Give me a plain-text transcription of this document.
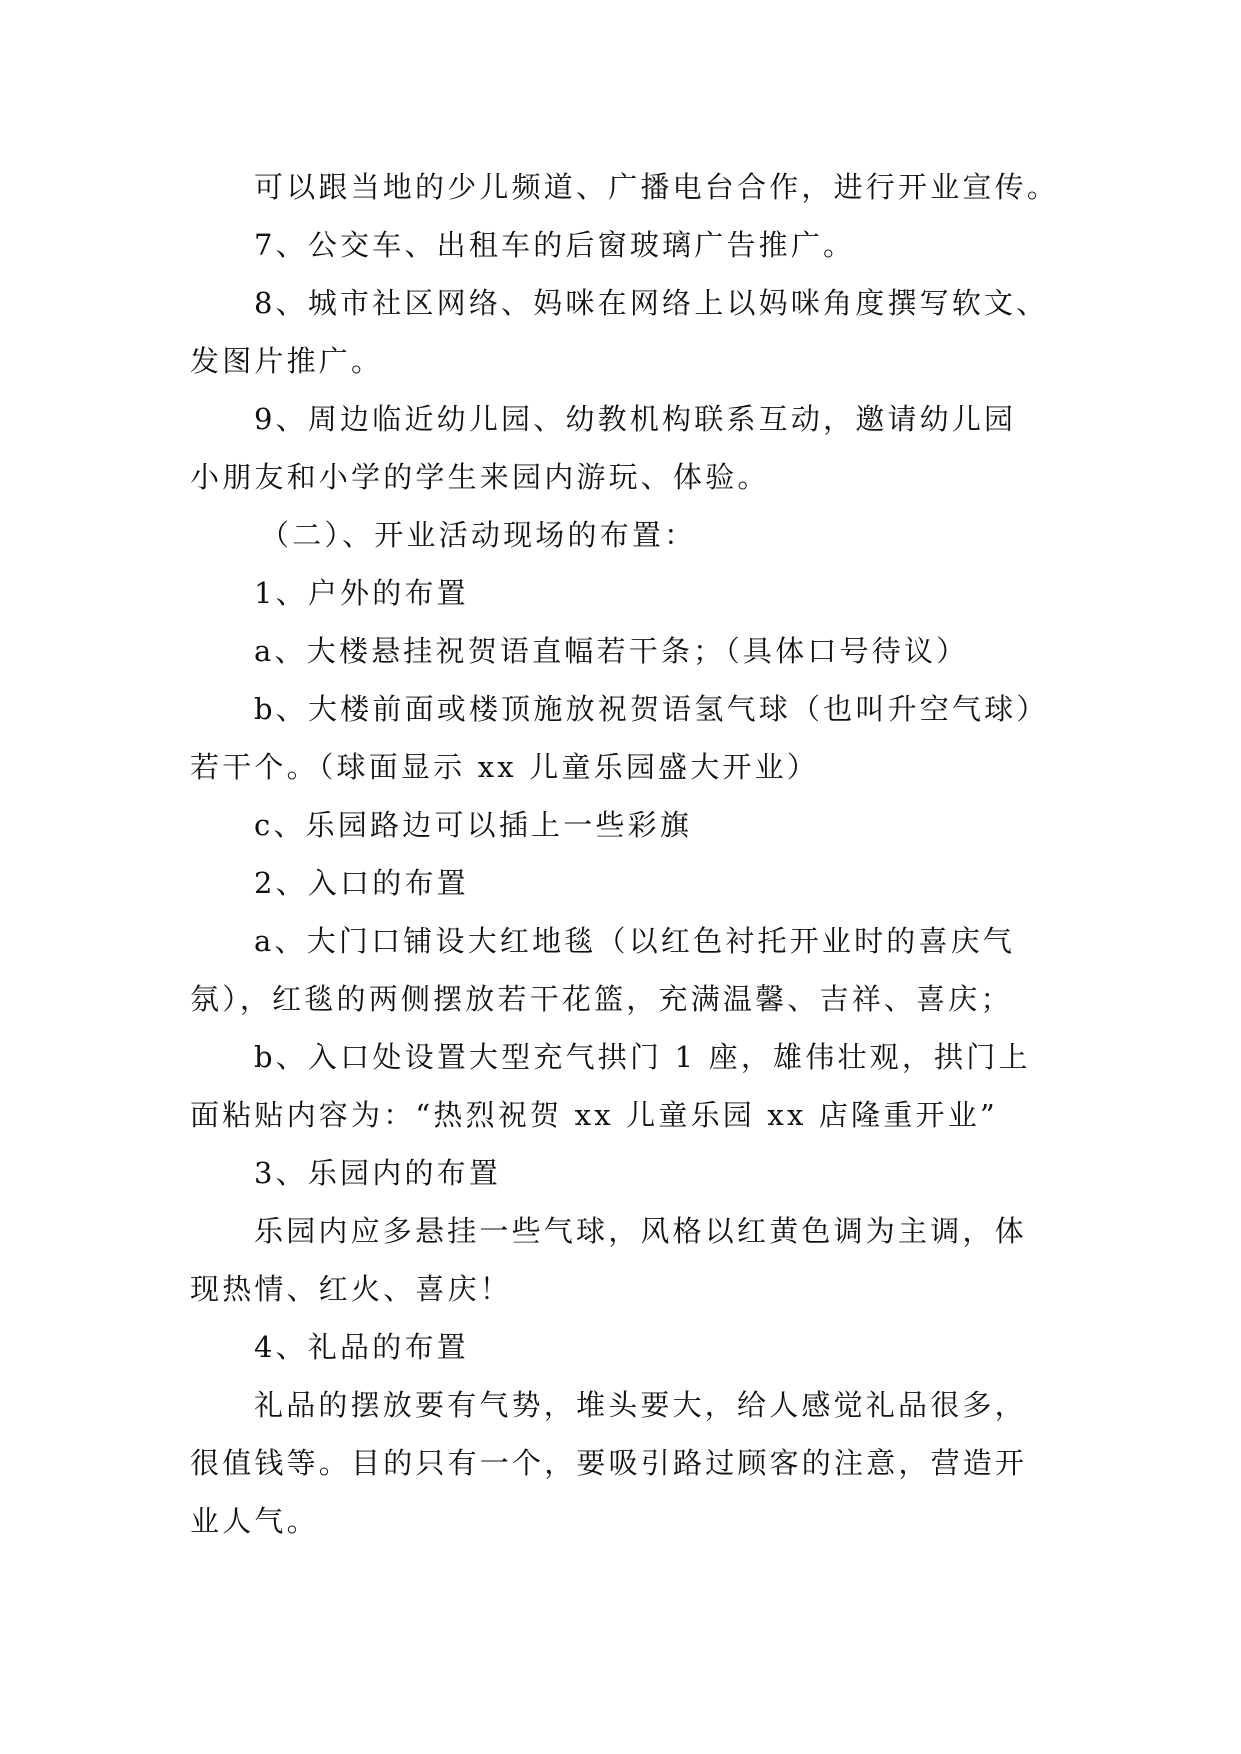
可以跟当地的少儿频道、广播电台合作，进行开业宣传。
7、公交车、出租车的后窗玻璃广告推广。
8、城市社区网络、妈咪在网络上以妈咪角度撰写软文、
发图片推广。
9、周边临近幼儿园、幼教机构联系互动，邀请幼儿园
小朋友和小学的学生来园内游玩、体验。
（二）、开业活动现场的布置：
1、户外的布置
a、大楼悬挂祝贺语直幅若干条；（具体口号待议）
b、大楼前面或楼顶施放祝贺语氢气球（也叫升空气球）
若干个。（球面显示 xx 儿童乐园盛大开业）
c、乐园路边可以插上一些彩旗
2、入口的布置
a、大门口铺设大红地毯（以红色衬托开业时的喜庆气
氛），红毯的两侧摆放若干花篮，充满温馨、吉祥、喜庆；
b、入口处设置大型充气拱门 1 座，雄伟壮观，拱门上
面粘贴内容为：“热烈祝贺 xx 儿童乐园 xx 店隆重开业”
3、乐园内的布置
乐园内应多悬挂一些气球，风格以红黄色调为主调，体
现热情、红火、喜庆！
4、礼品的布置
礼品的摆放要有气势，堆头要大，给人感觉礼品很多，
很值钱等。目的只有一个，要吸引路过顾客的注意，营造开
业人气。
